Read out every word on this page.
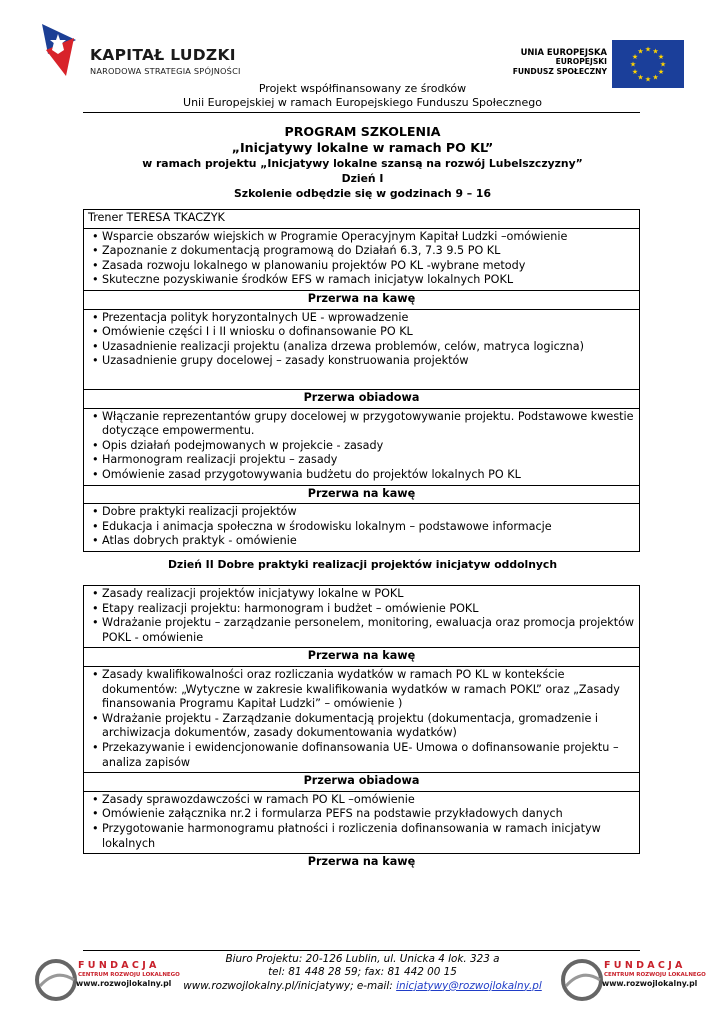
KAPITAŁ LUDZKI
NARODOWA STRATEGIA SPÓJNOŚCI
UNIA EUROPEJSKA
EUROPEJSKI
FUNDUSZ SPOŁECZNY
★ ★
★
★
★
★
★
★
★
★
★
★
Projekt współfinansowany ze środków
Unii Europejskiej w ramach Europejskiego Funduszu Społecznego
PROGRAM SZKOLENIA
„Inicjatywy lokalne w ramach PO KL”
w ramach projektu „Inicjatywy lokalne szansą na rozwój Lubelszczyzny”
Dzień I
Szkolenie odbędzie się w godzinach 9 – 16
Trener TERESA TKACZYK

• Wsparcie obszarów wiejskich w Programie Operacyjnym Kapitał Ludzki –omówienie
• Zapoznanie z dokumentacją programową do Działań 6.3, 7.3 9.5 PO KL
• Zasada rozwoju lokalnego w planowaniu projektów PO KL -wybrane metody
• Skuteczne pozyskiwanie środków EFS w ramach inicjatyw lokalnych POKL

Przerwa na kawę

• Prezentacja polityk horyzontalnych UE - wprowadzenie
• Omówienie części I i II wniosku o dofinansowanie PO KL
• Uzasadnienie realizacji projektu (analiza drzewa problemów, celów, matryca logiczna)
• Uzasadnienie grupy docelowej – zasady konstruowania projektów

Przerwa obiadowa

• Włączanie reprezentantów grupy docelowej w przygotowywanie projektu. Podstawowe kwestie dotyczące empowermentu.
• Opis działań podejmowanych w projekcie - zasady
• Harmonogram realizacji projektu – zasady
• Omówienie zasad przygotowywania budżetu do projektów lokalnych PO KL

Przerwa na kawę

• Dobre praktyki realizacji projektów
• Edukacja i animacja społeczna w środowisku lokalnym – podstawowe informacje
• Atlas dobrych praktyk - omówienie
Dzień II Dobre praktyki realizacji projektów inicjatyw oddolnych
• Zasady realizacji projektów inicjatywy lokalne w POKL
• Etapy realizacji projektu: harmonogram i budżet – omówienie POKL
• Wdrażanie projektu – zarządzanie personelem, monitoring, ewaluacja oraz promocja projektów POKL - omówienie

Przerwa na kawę

• Zasady kwalifikowalności oraz rozliczania wydatków w ramach PO KL w kontekście dokumentów: „Wytyczne w zakresie kwalifikowania wydatków w ramach POKL” oraz „Zasady finansowania Programu Kapitał Ludzki” – omówienie )
• Wdrażanie projektu - Zarządzanie dokumentacją projektu (dokumentacja, gromadzenie i archiwizacja dokumentów, zasady dokumentowania wydatków)
• Przekazywanie i ewidencjonowanie dofinansowania UE- Umowa o dofinansowanie projektu – analiza zapisów

Przerwa obiadowa

• Zasady sprawozdawczości w ramach PO KL –omówienie
• Omówienie załącznika nr.2 i formularza PEFS na podstawie przykładowych danych
• Przygotowanie harmonogramu płatności i rozliczenia dofinansowania w ramach inicjatyw lokalnych

Przerwa na kawę
Biuro Projektu: 20-126 Lublin, ul. Unicka 4 lok. 323 a
tel: 81 448 28 59; fax: 81 442 00 15
www.rozwojlokalny.pl/inicjatywy; e-mail: inicjatywy@rozwojlokalny.pl
F U N D A C J A
CENTRUM ROZWOJU LOKALNEGO
www.rozwojlokalny.pl
F U N D A C J A
CENTRUM ROZWOJU LOKALNEGO
www.rozwojlokalny.pl
